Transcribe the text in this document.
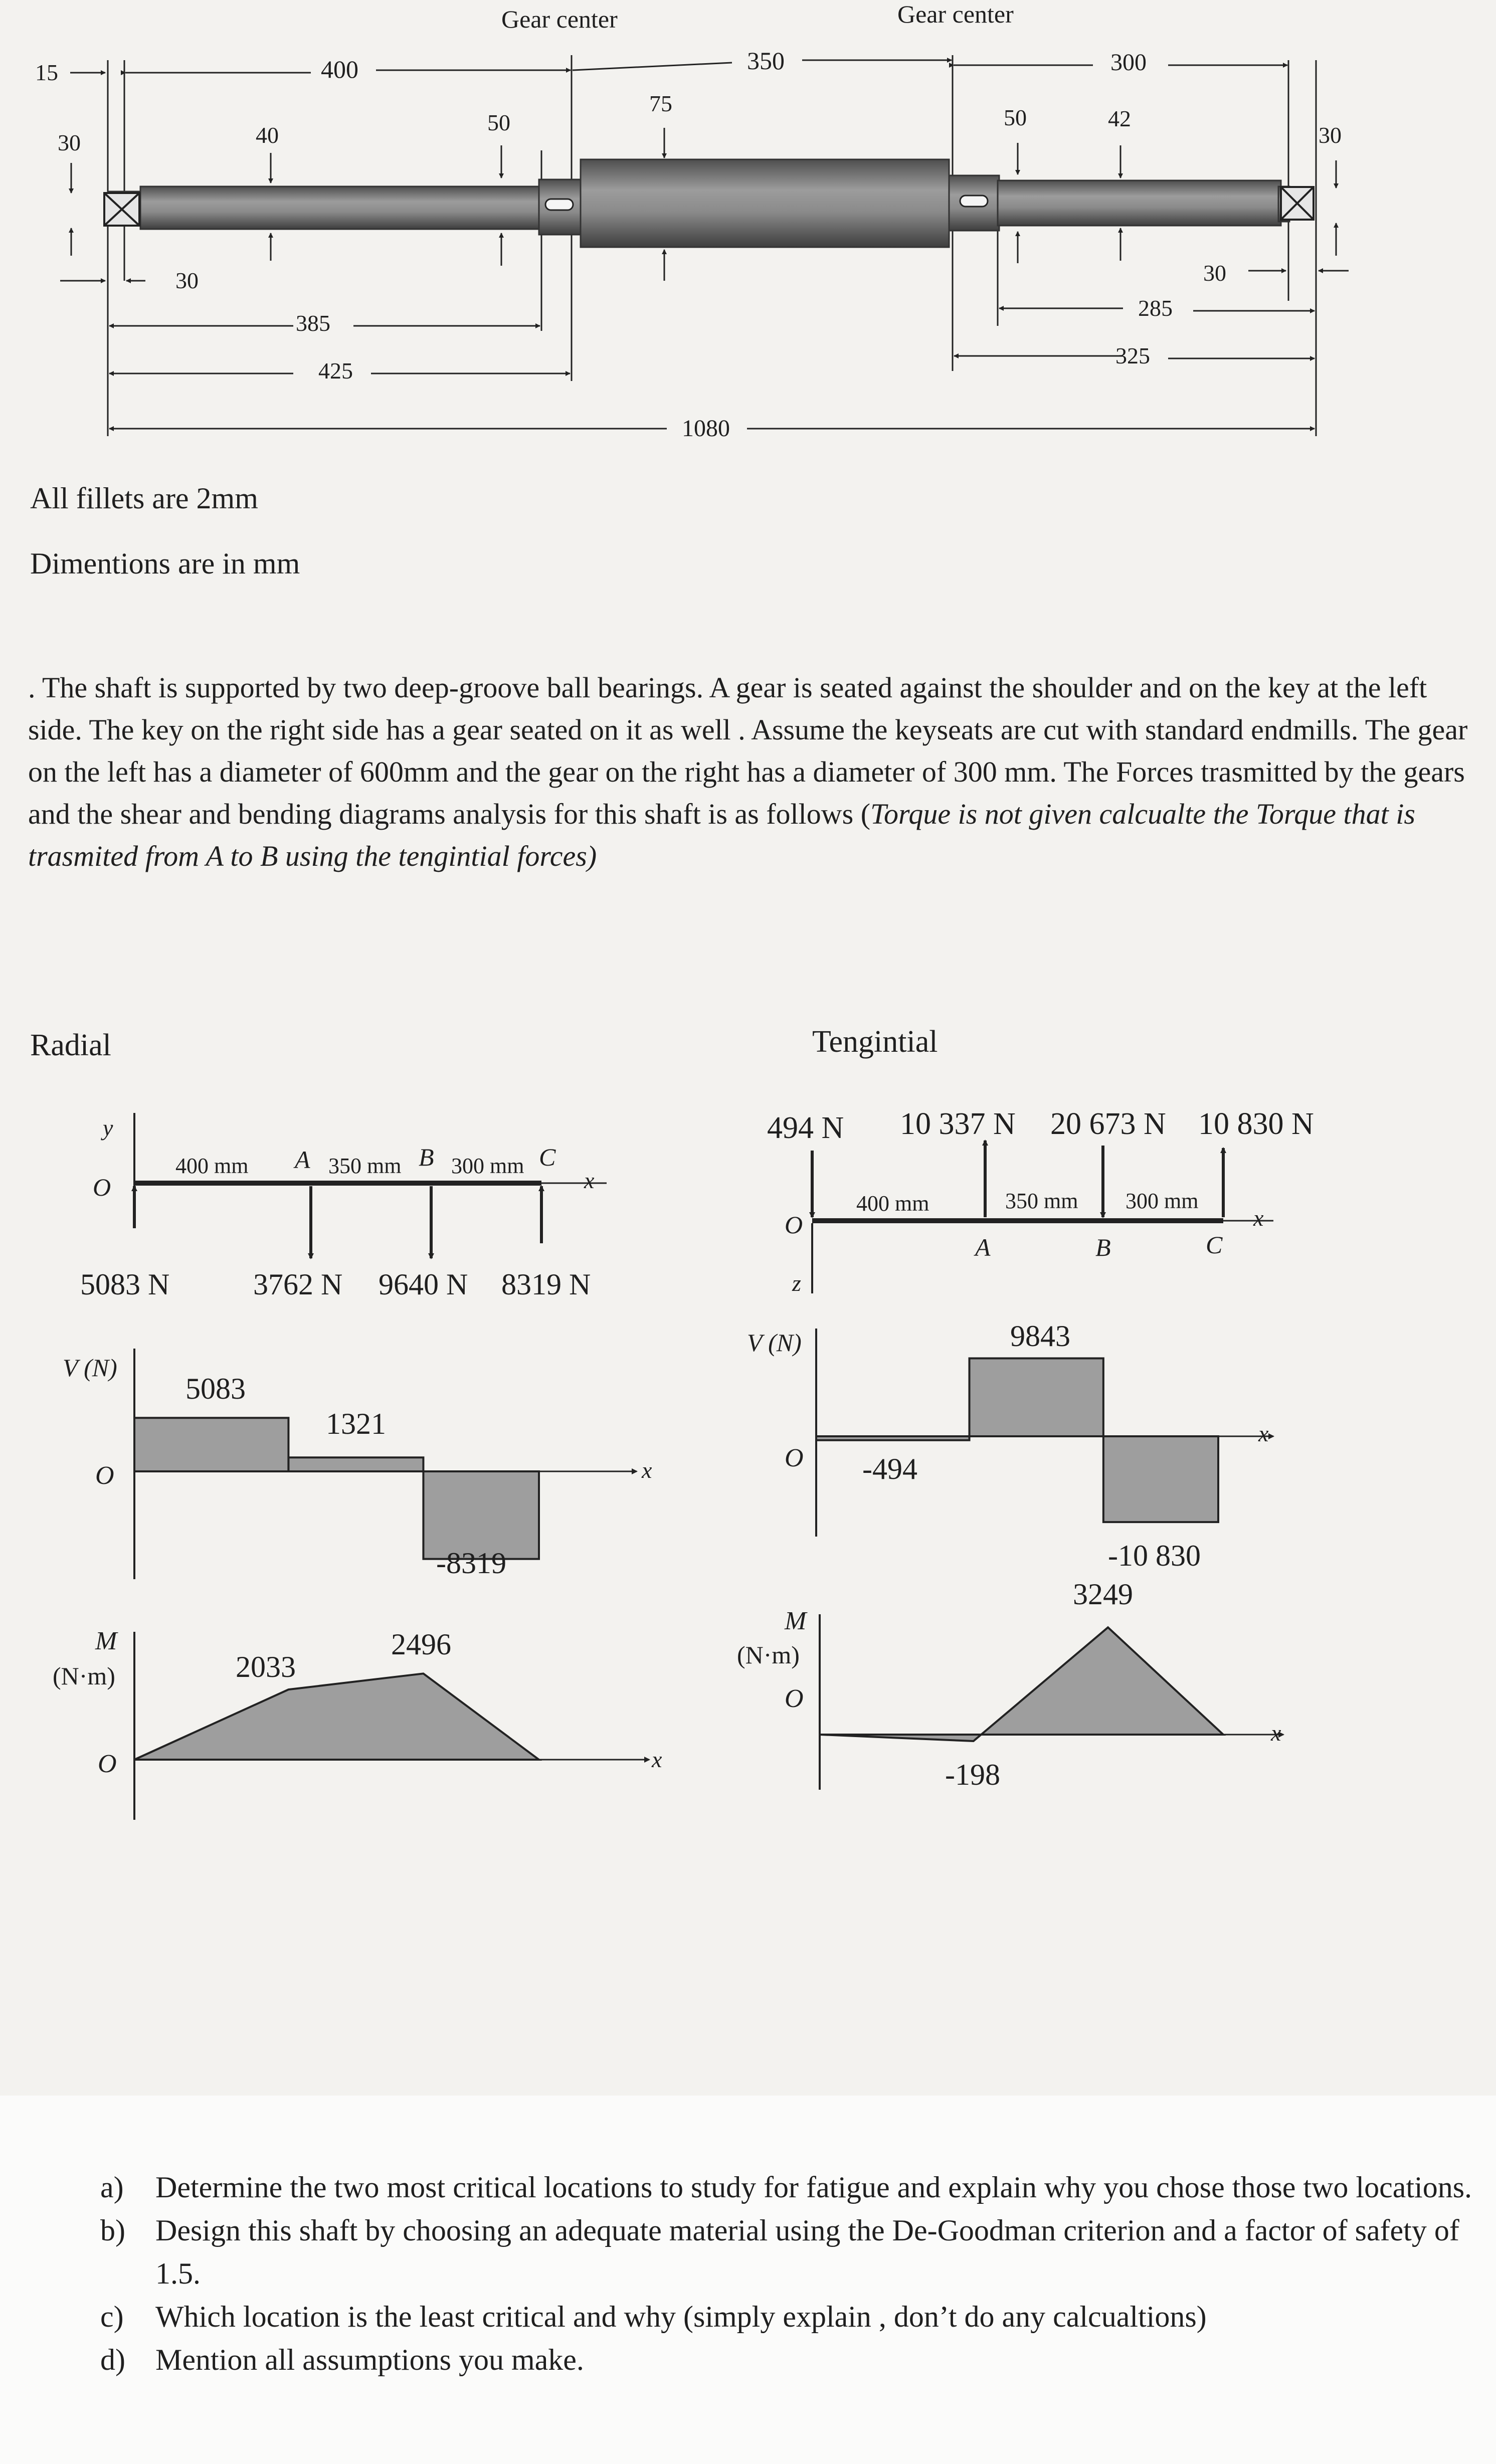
Gear center	Gear center
15	400	350	300
30	40	50
75
50	42
30
30	30
385
425
285
325
1080

All fillets are 2mm

Dimentions are in mm

. The shaft is supported by two deep-groove ball bearings. A gear is seated against the shoulder and on the key at the left side. The key on the right side has a gear seated on it as well . Assume the keyseats are cut with standard endmills. The gear on the left has a diameter of 600mm and the gear on the right has a diameter of 300 mm. The Forces trasmitted by the gears and the shear and bending diagrams analysis for this shaft is as follows (Torque is not given calcualte the Torque that is trasmited from A to B using the tengintial forces)

Radial
y
O	x
400 mm A 350 mm B 300 mm C
5083 N	3762 N 9640 N 8319 N
V (N)
O	x
5083
1321
-8319
M
(N·m)
O	x
2033
2496
Tengintial
494 N 10 337 N 20 673 N 10 830 N
O
z
x
400 mm
A
350 mm
B
300 mm
C
V (N)
O
x
-494
9843
-10 830
M
(N·m)
O
x
-198
3249
a) Determine the two most critical locations to study for fatigue and explain why you chose those two locations.
b) Design this shaft by choosing an adequate material using the De-Goodman criterion and a factor of safety of 1.5.
c) Which location is the least critical and why (simply explain , don’t do any calcualtions)
d) Mention all assumptions you make.
